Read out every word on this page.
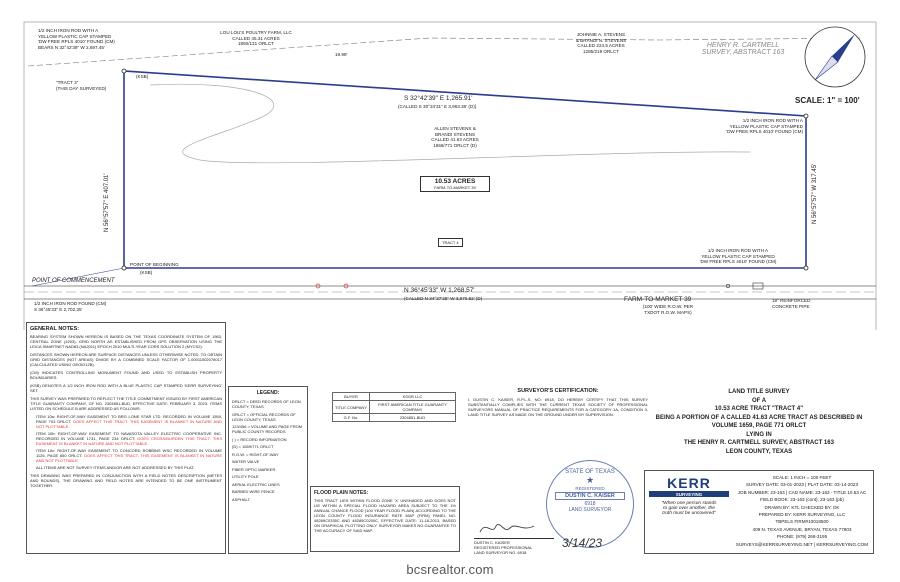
1/2 INCH IRON ROD WITH A
YELLOW PLASTIC CAP STAMPED
'DW FREE RPLS 4010' FOUND (CM)
BEARS N 32°42'39" W 2,697.45'
"TRACT 3"
(THIS DAY SURVEYED)
(KSB)
LOU LOU'S POULTRY FARM, LLC
CALLED 45.31 ACRES
1860/131 ORLCT
19.98'
JOHNNIE A. STEVENS
& BRANDI N. STEVENS
CALLED 224.5 ACRES
1285/219 ORLCT
HENRY R. CARTMELL
SURVEY, ABSTRACT 163
SCALE: 1" = 100'
S 32°42'39" E 1,265.91'
(CALLED S 30°34'31" E 3,963.36' (D))
ALLEN STEVENS &
BRANDI STEVENS
CALLED 41.63 ACRES
1659/771 ORLCT (D)
10.53 ACRES
FARM-TO-MARKET 39
TRACT 4
1/2 INCH IRON ROD WITH A
YELLOW PLASTIC CAP STAMPED
'DW FREE RPLS 4010' FOUND (CM)
1/2 INCH IRON ROD WITH A
YELLOW PLASTIC CAP STAMPED
'DW FREE RPLS 4010' FOUND (CM)
N 56°57'57" E 407.01'	N 56°57'57" W 317.45'
POINT OF BEGINNING
(KSB)
POINT OF COMMENCEMENT
1/2 INCH IRON ROD FOUND (CM)
S 36°45'33" E 2,702.35'
N 36°45'33" W 1,268.57'
(CALLED N 34°37'25" W 3,970.52' (D)	FARM-TO-MARKET 39
(100' WIDE R.O.W. PER
TXDOT R.O.W. MAPS)
18" REINFORCED
CONCRETE PIPE
GENERAL NOTES:
BEARING SYSTEM SHOWN HEREON IS BASED ON THE TEXAS COORDINATE SYSTEM OF 1983, CENTRAL ZONE (4203). GRID NORTH AS ESTABLISHED FROM GPS OBSERVATION USING THE LEICA SMARTNET NAD83 (NA2011) EPOCH 2010 MULTI-YEAR CORS SOLUTION 2 (MYCS2).
DISTANCES SHOWN HEREON ARE SURFACE DISTANCES UNLESS OTHERWISE NOTED. TO OBTAIN GRID DISTANCES (NOT AREAS) DIVIDE BY A COMBINED SCALE FACTOR OF 1.00011502078017 (CALCULATED USING GEOID12B).
(CM) INDICATES CONTROLLING MONUMENT FOUND AND USED TO ESTABLISH PROPERTY BOUNDARIES.
(KSB) DENOTES A 1/2 INCH IRON ROD WITH A BLUE PLASTIC CAP STAMPED 'KERR SURVEYING' SET.
THIS SURVEY WAS PREPARED TO REFLECT THE TITLE COMMITMENT ISSUED BY FIRST AMERICAN TITLE GUARANTY COMPANY, GF NO. 2304851-BUD, EFFECTIVE DATE: FEBRUARY 3, 2023. ITEMS LISTED ON SCHEDULE B ARE ADDRESSED AS FOLLOWS:
ITEM 10a: RIGHT-OF-WAY EASEMENT TO BRG LONE STAR LTD. RECORDED IN VOLUME 1559, PAGE 703 ORLCT. DOES AFFECT THIS TRACT. THIS EASEMENT IS BLANKET IN NATURE AND NOT PLOTTABLE.
ITEM 10b: RIGHT-OF-WAY EASEMENT TO NAVASOTA VALLEY ELECTRIC COOPERATIVE INC. RECORDED IN VOLUME 1731, PAGE 234 ORLCT; DOES CROSS/BURDEN THIS TRACT. THIS EASEMENT IS BLANKET IN NATURE AND NOT PLOTTABLE.
ITEM 10c: RIGHT-OF-WAY EASEMENT TO CONCORD ROBBINS WSC RECORDED IN VOLUME 1126, PAGE 650 ORLCT. DOES AFFECT THIS TRACT. THIS EASEMENT IS BLANKET IN NATURE AND NOT PLOTTABLE.
ALL ITEMS ARE NOT SURVEY ITEMS AND/OR ARE NOT ADDRESSED BY THIS PLAT.
THIS DRAWING WAS PREPARED IN CONJUNCTION WITH A FIELD NOTES DESCRIPTION (METES AND BOUNDS). THE DRAWING AND FIELD NOTES ARE INTENDED TO BE ONE INSTRUMENT TOGETHER.
LEGEND:
DRLCT = DEED RECORDS OF LEON COUNTY, TEXAS
ORLCT = OFFICIAL RECORDS OF LEON COUNTY, TEXAS
123/456 = VOLUME AND PAGE FROM PUBLIC COUNTY RECORDS
( ) = RECORD INFORMATION
(D) = 1659/771 ORLCT
R.O.W. = RIGHT-OF-WAY
WATER VALVE
FIBER OPTIC MARKER
UTILITY POLE
AERIAL ELECTRIC LINES
BARBED WIRE FENCE
ASPHALT
BUYER	KSGR LLC
TITLE COMPANY	FIRST AMERICAN TITLE GUARANTY COMPANY
G.F. No.	2304851-BUD
FLOOD PLAIN NOTES:
THIS TRACT LIES WITHIN FLOOD ZONE 'X' UNSHADED AND DOES NOT LIE WITHIN A SPECIAL FLOOD HAZARD AREA SUBJECT TO THE 1% ANNUAL CHANCE FLOOD (100 YEAR FLOOD PLAIN) ACCORDING TO THE LEON COUNTY FLOOD INSURANCE RATE MAP (FIRM) PANEL NO. 48289C0335C AND 48289C0200C, EFFECTIVE DATE: 11-18-2013, BASED ON GRAPHICAL PLOTTING ONLY. SURVEYOR MAKES NO GUARANTEE TO THE ACCURACY OF SAID MAP.
SURVEYOR'S CERTIFICATION:
I, DUSTIN C. KAISER, R.P.L.S. NO. 6918, DO HEREBY CERTIFY THAT THIS SURVEY SUBSTANTIALLY COMPLIES WITH THE CURRENT TEXAS SOCIETY OF PROFESSIONAL SURVEYORS MANUAL OF PRACTICE REQUIREMENTS FOR A CATEGORY 1A, CONDITION 3, LAND TITLE SURVEY AS MADE ON THE GROUND UNDER MY SUPERVISION.
DUSTIN C. KAISER
REGISTERED PROFESSIONAL
LAND SURVEYOR NO. 6918
STATE OF TEXAS
★
REGISTERED
DUSTIN C. KAISER
6918
LAND SURVEYOR
3/14/23
LAND TITLE SURVEY
OF A
10.53 ACRE TRACT "TRACT 4"
BEING A PORTION OF A CALLED 41.63 ACRE TRACT AS DESCRIBED IN
VOLUME 1659, PAGE 771 ORLCT
LYING IN
THE HENRY R. CARTMELL SURVEY, ABSTRACT 163
LEON COUNTY, TEXAS
KERR
SURVEYING
"When one person stands
to gain over another, the
truth must be uncovered"
SCALE: 1 INCH = 100 FEET
SURVEY DATE: 03-01-2023 | PLAT DATE: 03-14-2023
JOB NUMBER: 23-163 | CAD NAME: 23-163 - TITLE 10.53 AC
FIELD BOOK: 23-163 (cont); 23-163 (pb)
DRAWN BY: KTL CHECKED BY: DK
PREPARED BY: KERR SURVEYING, LLC
TBPELS FIRM#10018500
409 N. TEXAS AVENUE, BRYAN, TEXAS 77803
PHONE: (979) 268-3195
SURVEYS@KERRSURVEYING.NET | KERRSURVEYING.COM
bcsrealtor.com
